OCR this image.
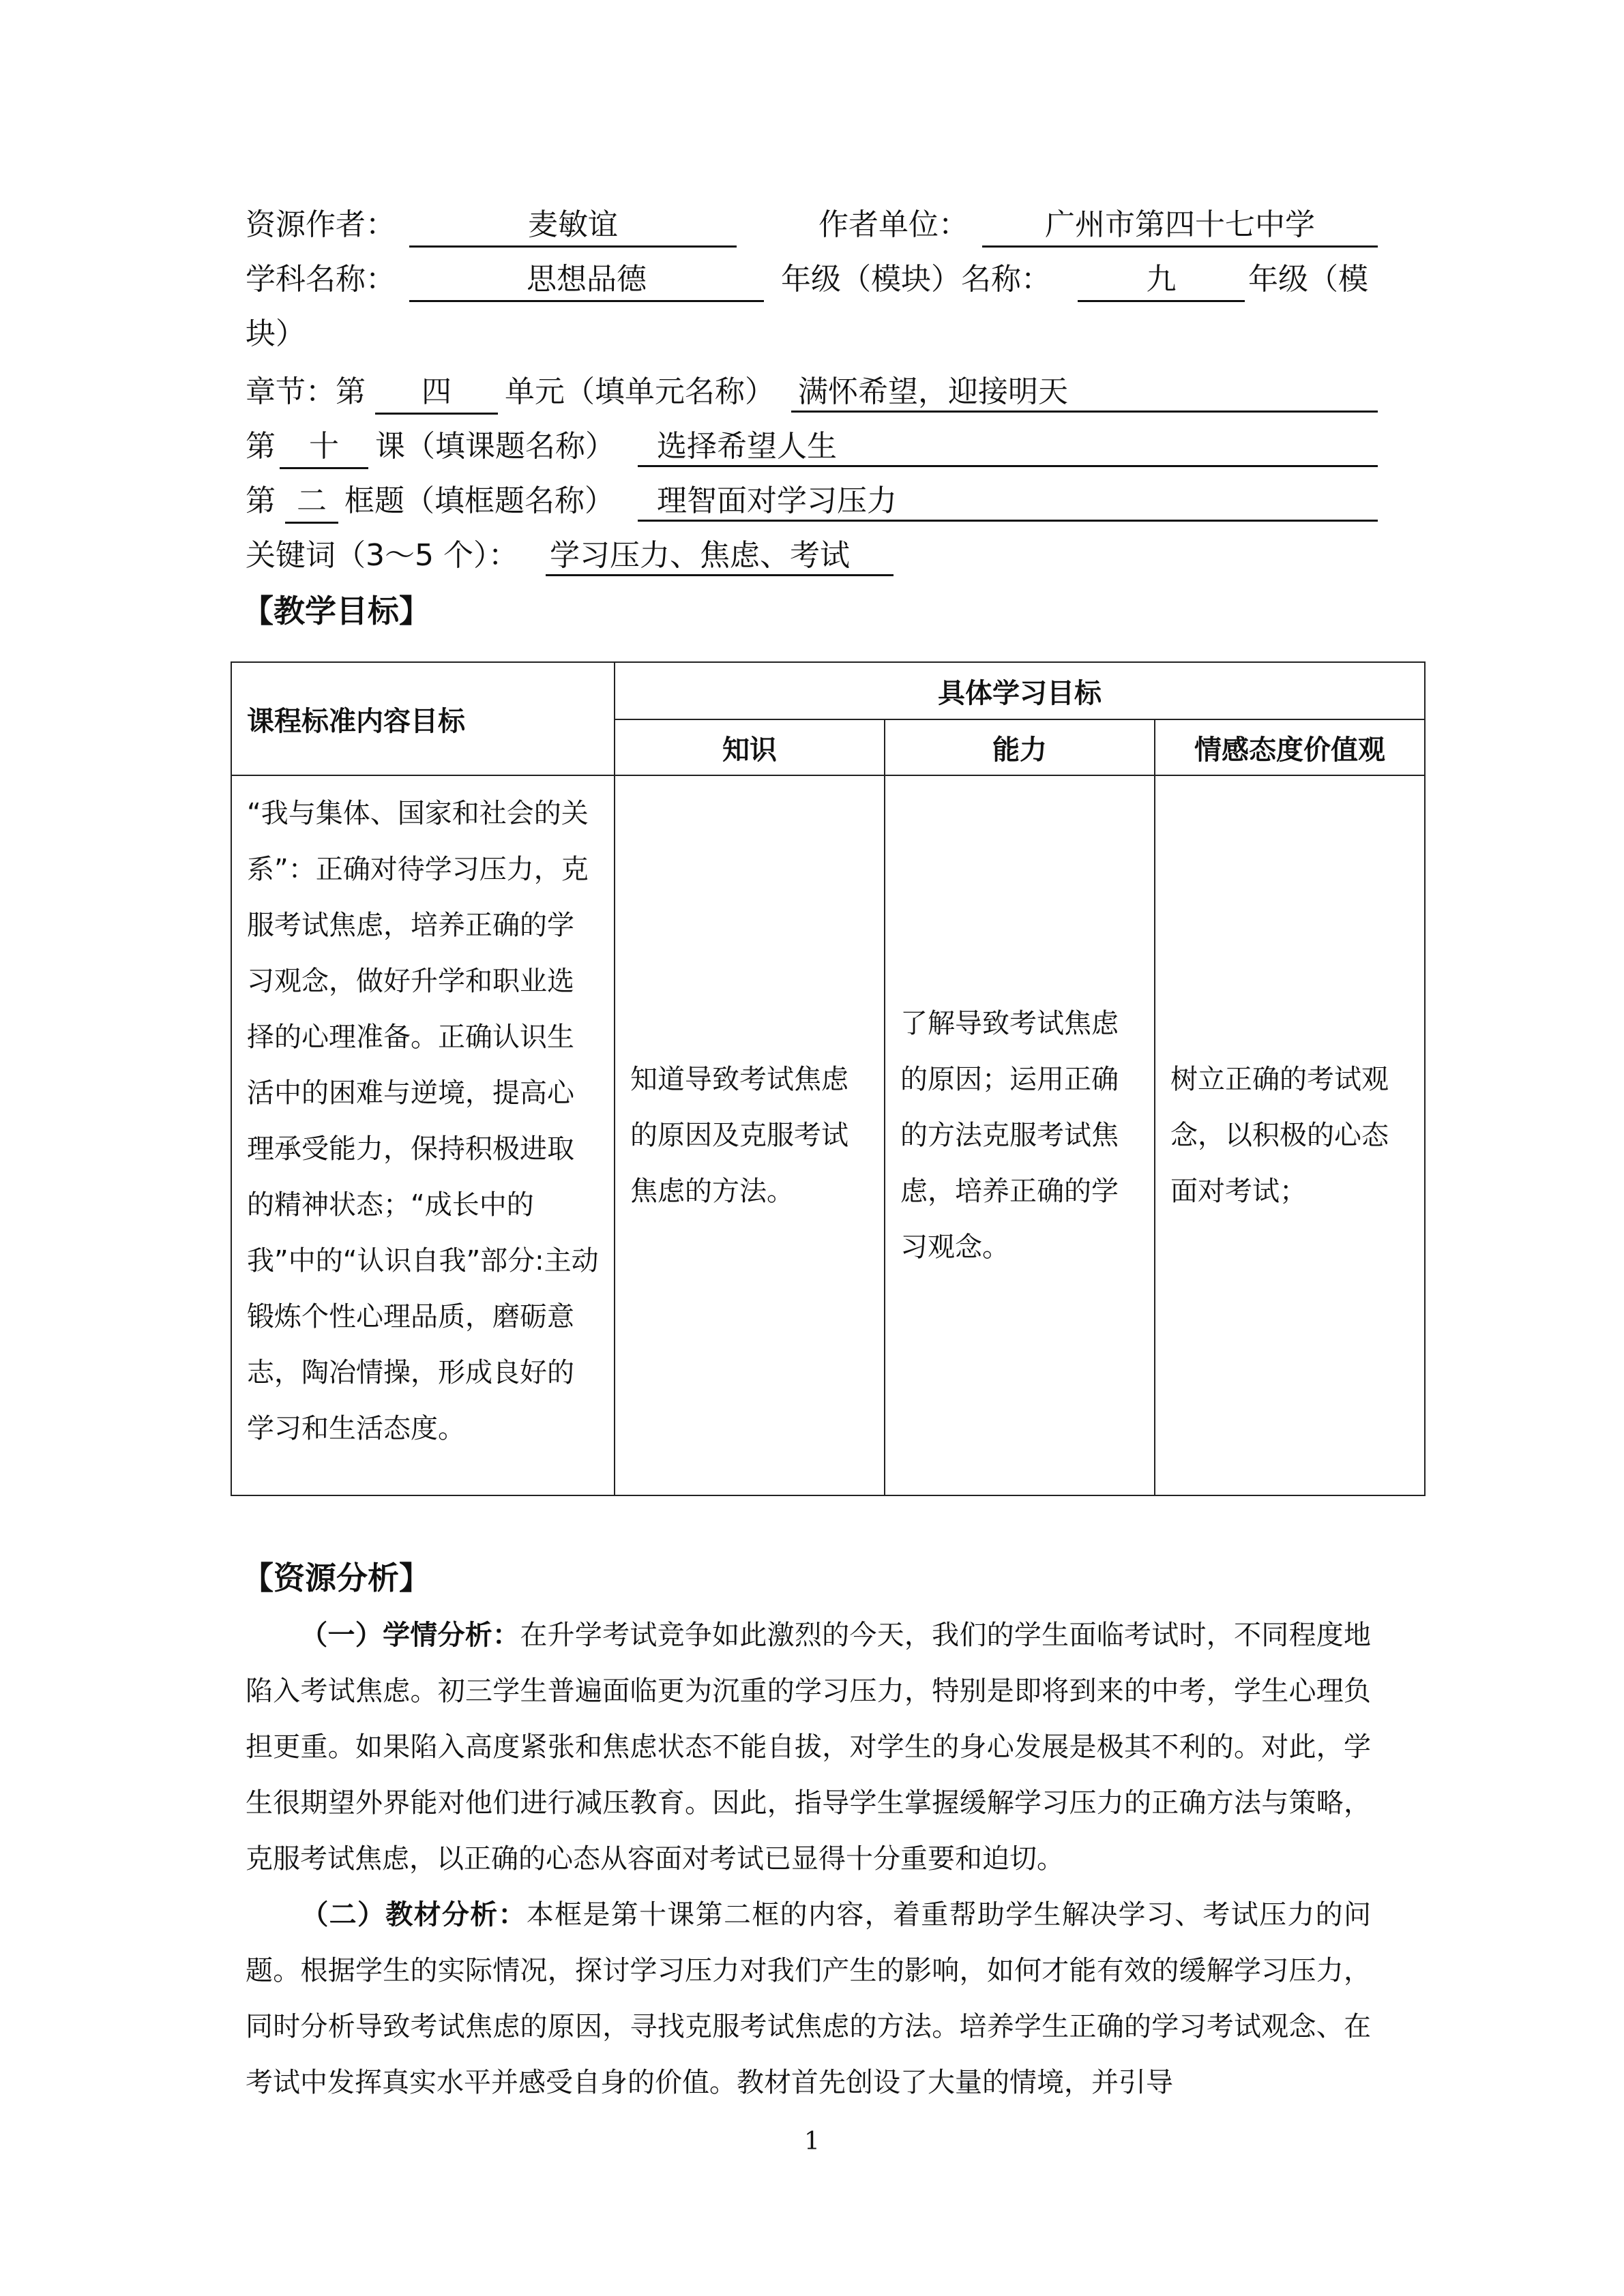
资源作者：	麦敏谊	作者单位：	广州市第四十七中学
学科名称：	思想品德	年级（模块）名称：	九	年级（模
块）
章节：第	四	单元（填单元名称） 满怀希望，迎接明天
第	十	课（填课题名称）	选择希望人生
第 二 框题（填框题名称）	理智面对学习压力
关键词（3～5 个）： 学习压力、焦虑、考试
【教学目标】
课程标准内容目标	具体学习目标		
	知识	能力	情感态度价值观
“我与集体、国家和社会的关系”：正确对待学习压力，克服考试焦虑，培养正确的学习观念，做好升学和职业选择的心理准备。正确认识生活中的困难与逆境，提高心理承受能力，保持积极进取的精神状态；“成长中的我”中的“认识自我”部分:主动锻炼个性心理品质，磨砺意志，陶冶情操，形成良好的学习和生活态度。	知道导致考试焦虑的原因及克服考试焦虑的方法。	了解导致考试焦虑的原因；运用正确的方法克服考试焦虑，培养正确的学习观念。	树立正确的考试观念，以积极的心态面对考试；
【资源分析】
（一）学情分析：在升学考试竞争如此激烈的今天，我们的学生面临考试时，不同程度地陷入考试焦虑。初三学生普遍面临更为沉重的学习压力，特别是即将到来的中考，学生心理负担更重。如果陷入高度紧张和焦虑状态不能自拔，对学生的身心发展是极其不利的。对此，学生很期望外界能对他们进行减压教育。因此，指导学生掌握缓解学习压力的正确方法与策略，克服考试焦虑，以正确的心态从容面对考试已显得十分重要和迫切。
（二）教材分析：本框是第十课第二框的内容，着重帮助学生解决学习、考试压力的问题。根据学生的实际情况，探讨学习压力对我们产生的影响，如何才能有效的缓解学习压力，同时分析导致考试焦虑的原因，寻找克服考试焦虑的方法。培养学生正确的学习考试观念、在考试中发挥真实水平并感受自身的价值。教材首先创设了大量的情境，并引导
1
